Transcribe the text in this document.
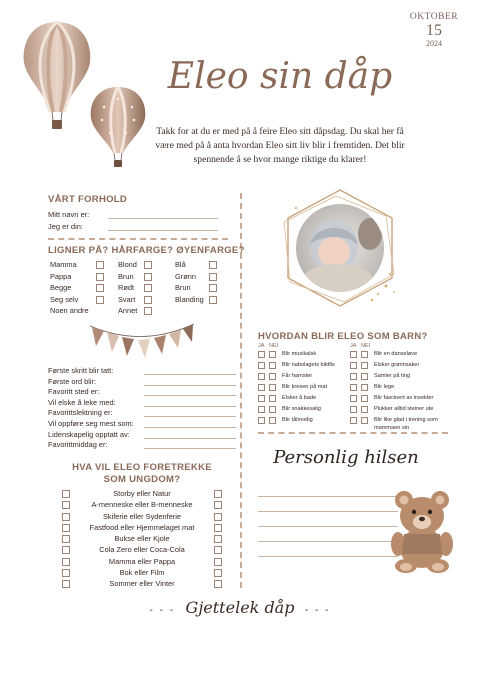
OKTOBER
15
2024
Eleo sin dåp
Takk for at du er med på å feire Eleo sitt dåpsdag. Du skal her få være med på å anta hvordan Eleo sitt liv blir i fremtiden. Det blir spennende å se hvor mange riktige du klarer!
VÅRT FORHOLD
Mitt navn er:
Jeg er din:
LIGNER PÅ? HÅRFARGE? ØYENFARGE?
Mamma
Pappa
Begge
Seg selv
Noen andre
Blond
Brun
Rødt
Svart
Annet
Blå
Grønn
Brun
Blanding
Første skritt blir tatt:
Første ord blir:
Favoritt sted er:
Vil elske å leke med:
Favorittslektning er:
Vil oppføre seg mest som:
Lidenskapelig opptatt av:
Favorittmiddag er:
HVA VIL ELEO FORETREKKE
SOM UNGDOM?
Storby eller Natur
A-menneske eller B-menneske
Skiferie eller Sydenferie
Fastfood eller Hjemmelaget mat
Bukse eller Kjole
Cola Zero eller Coca-Cola
Mamma eller Pappa
Bok eller Film
Sommer eller Vinter
HVORDAN BLIR ELEO SOM BARN?
JA NEI	JA NEI
Blir musikalsk
Blir nabolagets bildfis
Får hamster
Blir kresen på mat
Elsker å bade
Blir snakkesalig
Blir tålmodig
Blir en danseløve
Elsker grønnsaker
Samler på ting
Blir lege
Blir fascinert av insekter
Plukker alltid steiner ute
Blir like glad i trening som mammaen sin
Personlig hilsen
- - - Gjettelek dåp - - -
